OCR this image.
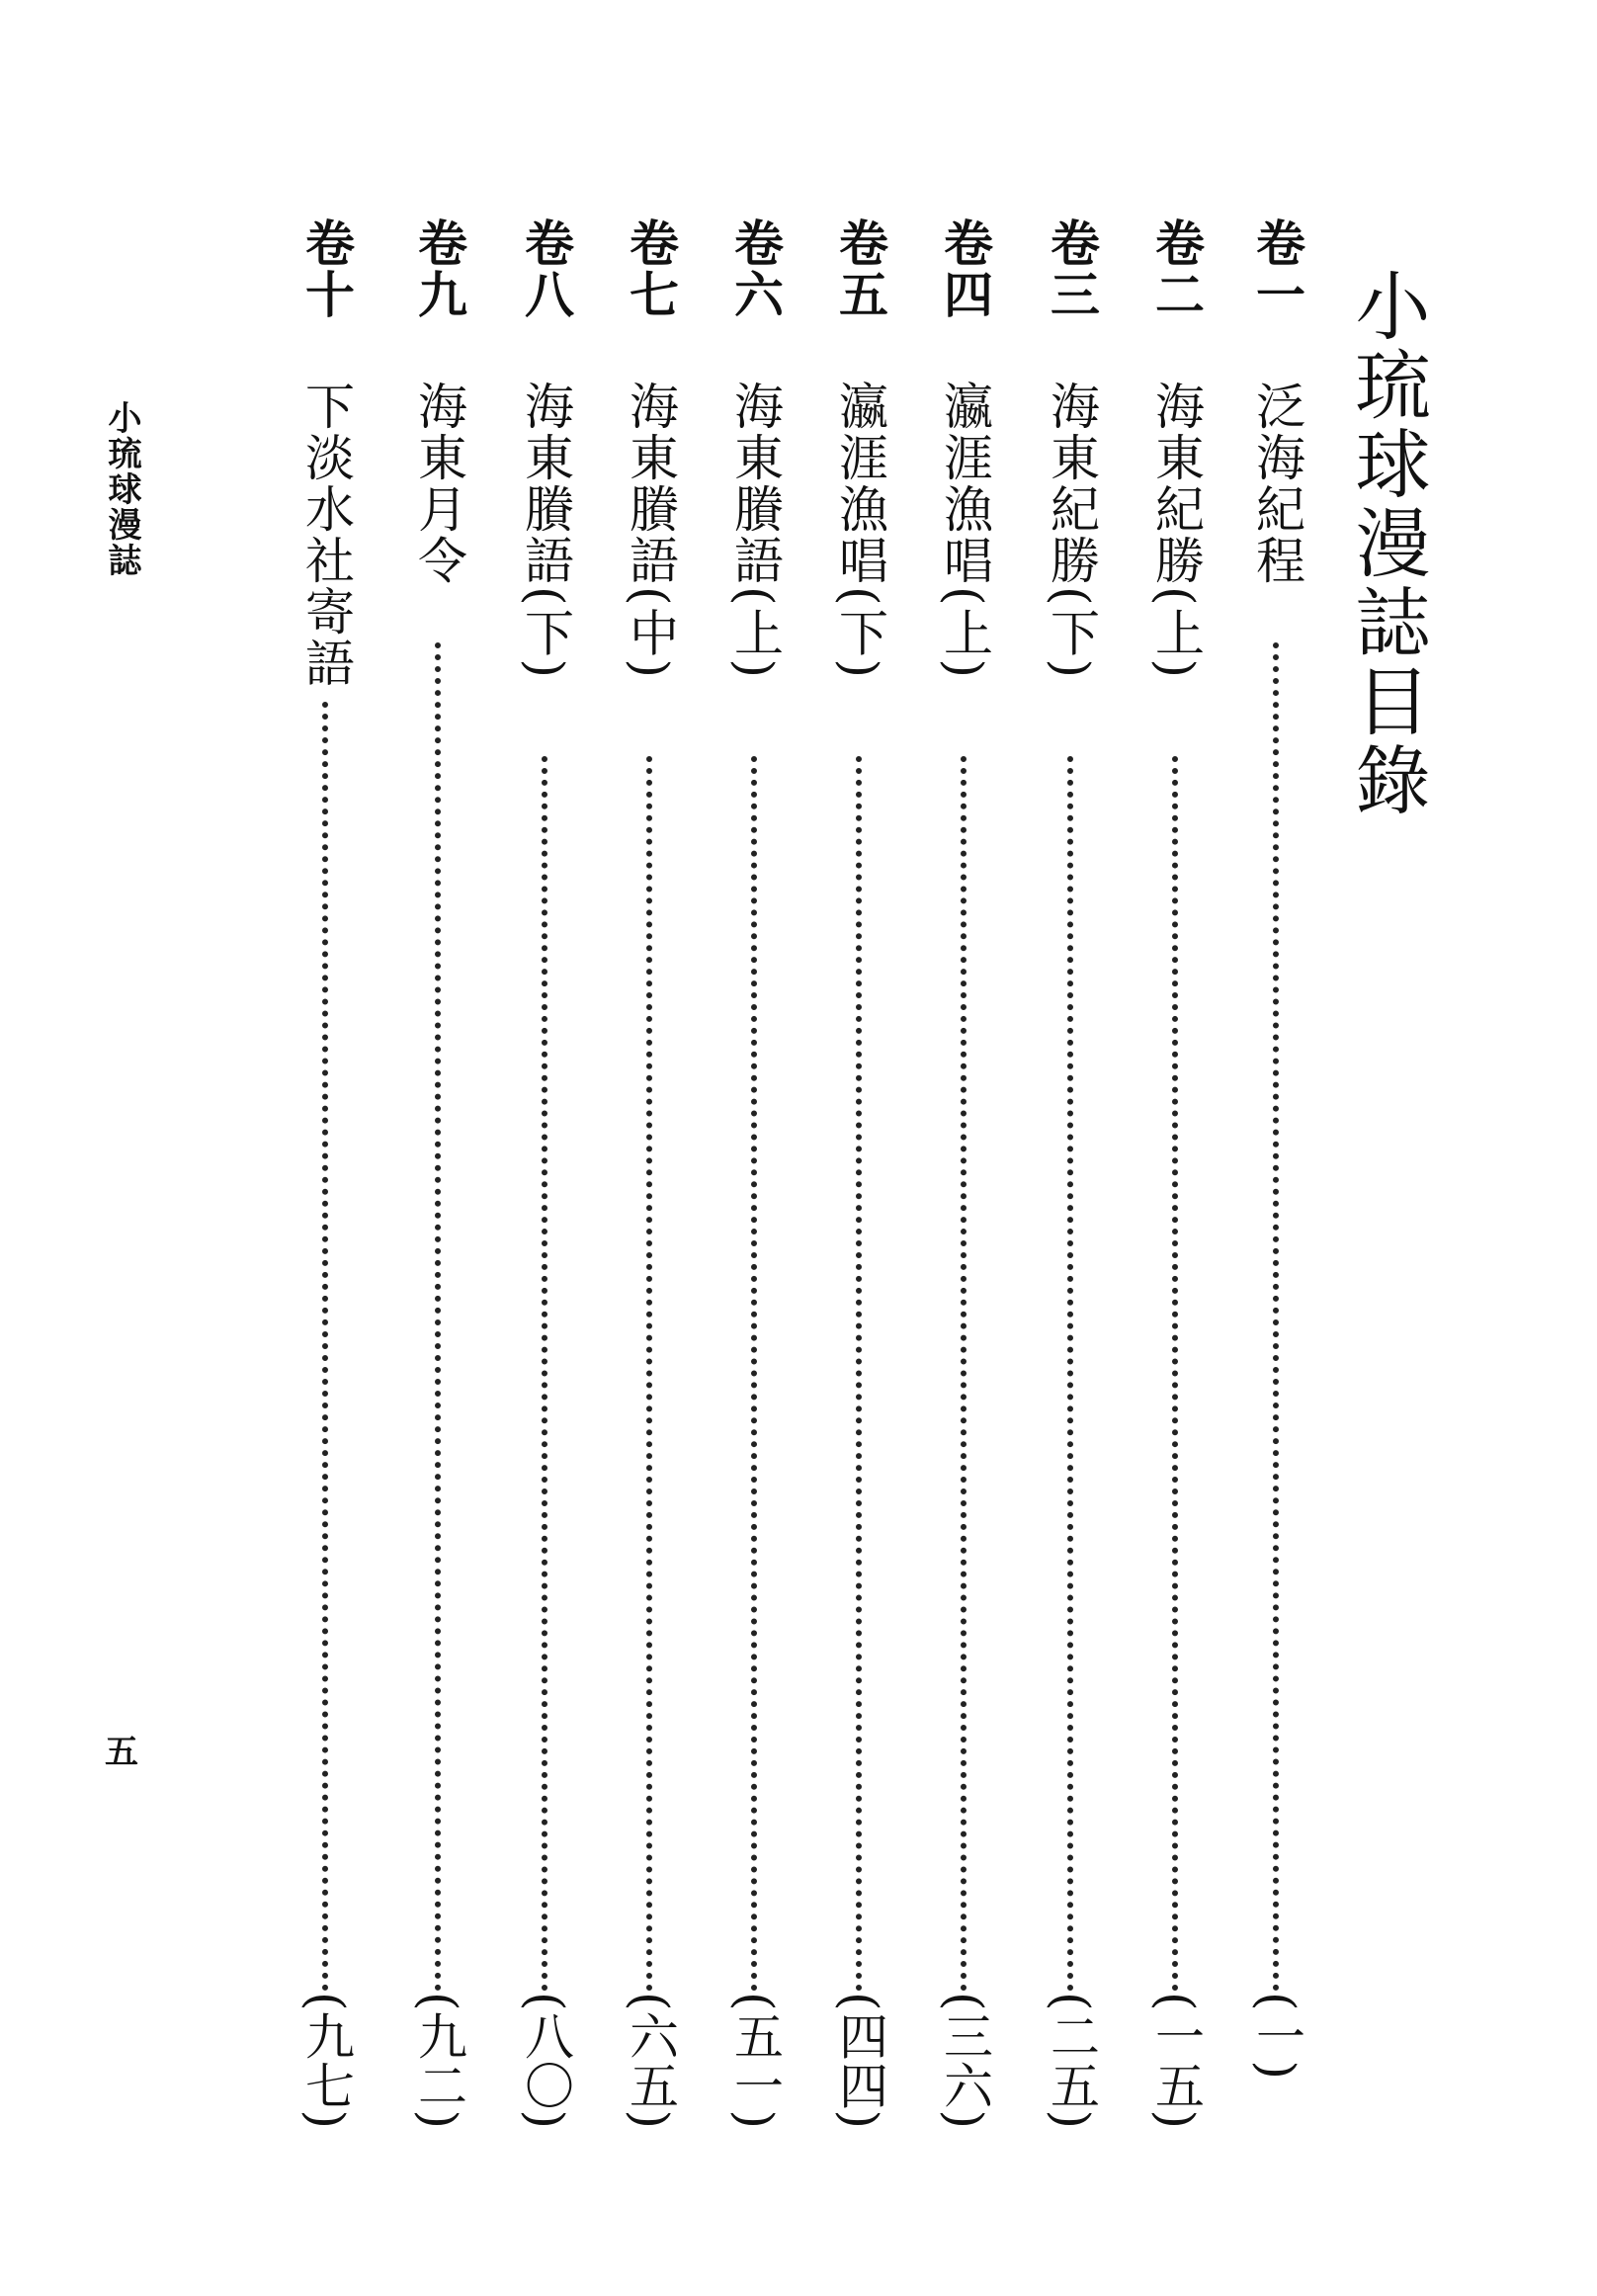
小琉球漫誌目錄
卷一
泛海紀程
(一)
卷二
海東紀勝(上)
(一五)
卷三
海東紀勝(下)
(二五)
卷四
瀛涯漁唱(上)
(三六)
卷五
瀛涯漁唱(下)
(四四)
卷六
海東賸語(上)
(五一)
卷七
海東賸語(中)
(六五)
卷八
海東賸語(下)
(八〇)
卷九
海東月令
(九二)
卷十
下淡水社寄語
(九七)
小琉球漫誌
五
